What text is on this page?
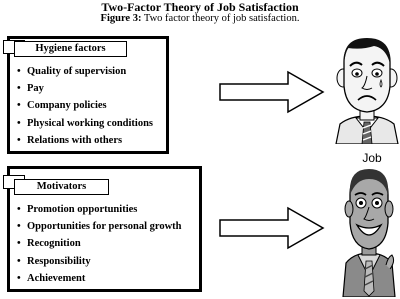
Two-Factor Theory of Job Satisfaction
Figure 3: Two factor theory of job satisfaction.
Hygiene factors
• Quality of supervision
• Pay
• Company policies
• Physical working conditions
• Relations with others
Motivators
• Promotion opportunities
• Opportunities for personal growth
• Recognition
• Responsibility
• Achievement
Job
